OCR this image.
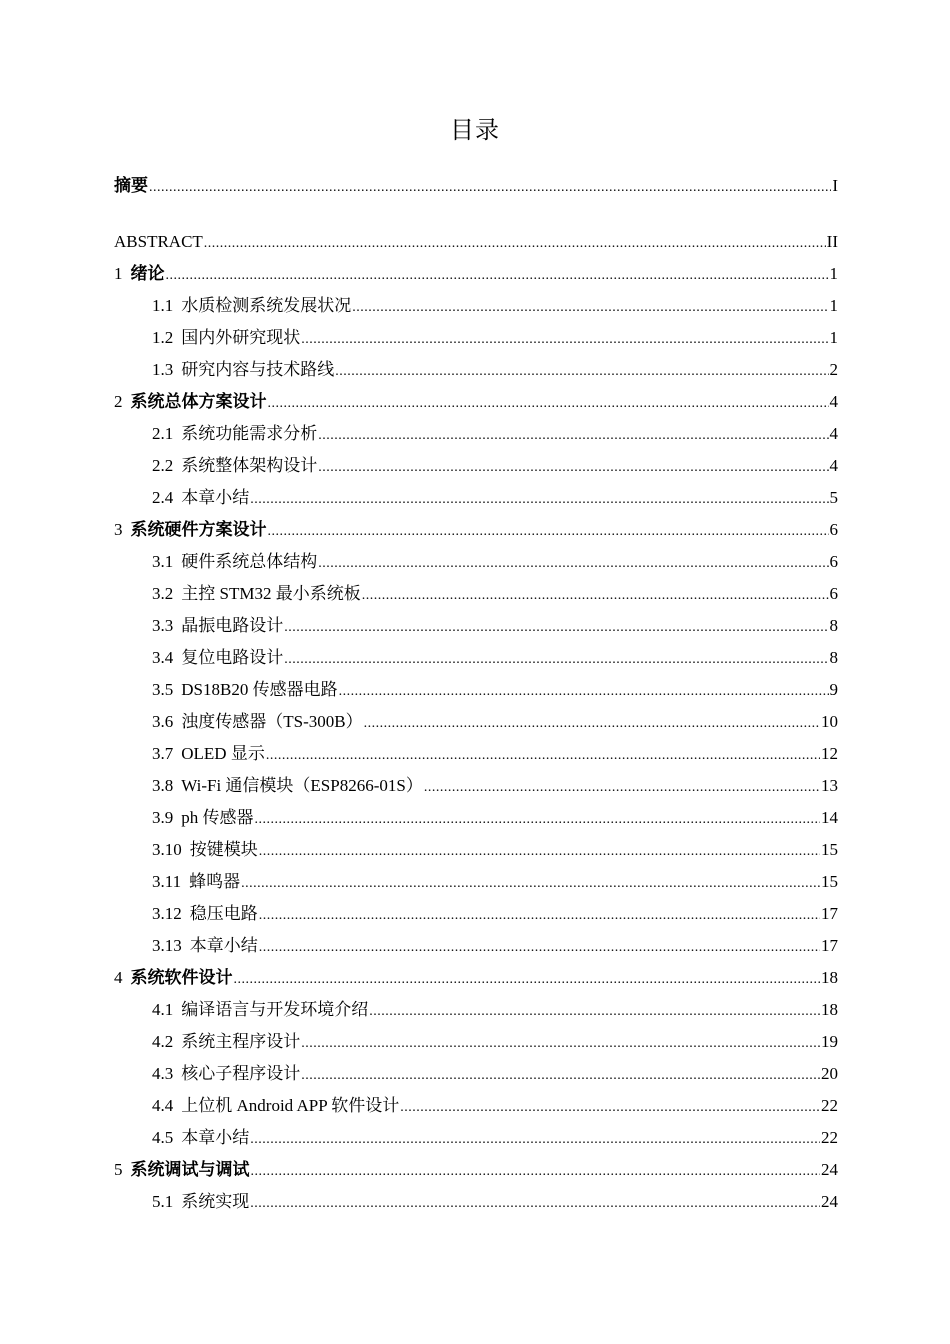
目录
摘要 .....	I
ABSTRACT .....	II
1 绪论 .....	1
1.1 水质检测系统发展状况 .....	1
1.2 国内外研究现状 .....	1
1.3 研究内容与技术路线 .....	2
2 系统总体方案设计 .....	4
2.1 系统功能需求分析 .....	4
2.2 系统整体架构设计 .....	4
2.4 本章小结 .....	5
3 系统硬件方案设计 .....	6
3.1 硬件系统总体结构 .....	6
3.2 主控 STM32 最小系统板 .....	6
3.3 晶振电路设计 .....	8
3.4 复位电路设计 .....	8
3.5 DS18B20 传感器电路 .....	9
3.6 浊度传感器（TS-300B） .....	10
3.7 OLED 显示 .....	12
3.8 Wi-Fi 通信模块（ESP8266-01S） .....	13
3.9 ph 传感器 .....	14
3.10 按键模块 .....	15
3.11 蜂鸣器 .....	15
3.12 稳压电路 .....	17
3.13 本章小结 .....	17
4 系统软件设计 .....	18
4.1 编译语言与开发环境介绍 .....	18
4.2 系统主程序设计 .....	19
4.3 核心子程序设计 .....	20
4.4 上位机 Android APP 软件设计 .....	22
4.5 本章小结 .....	22
5 系统调试与调试 .....	24
5.1 系统实现 .....	24
